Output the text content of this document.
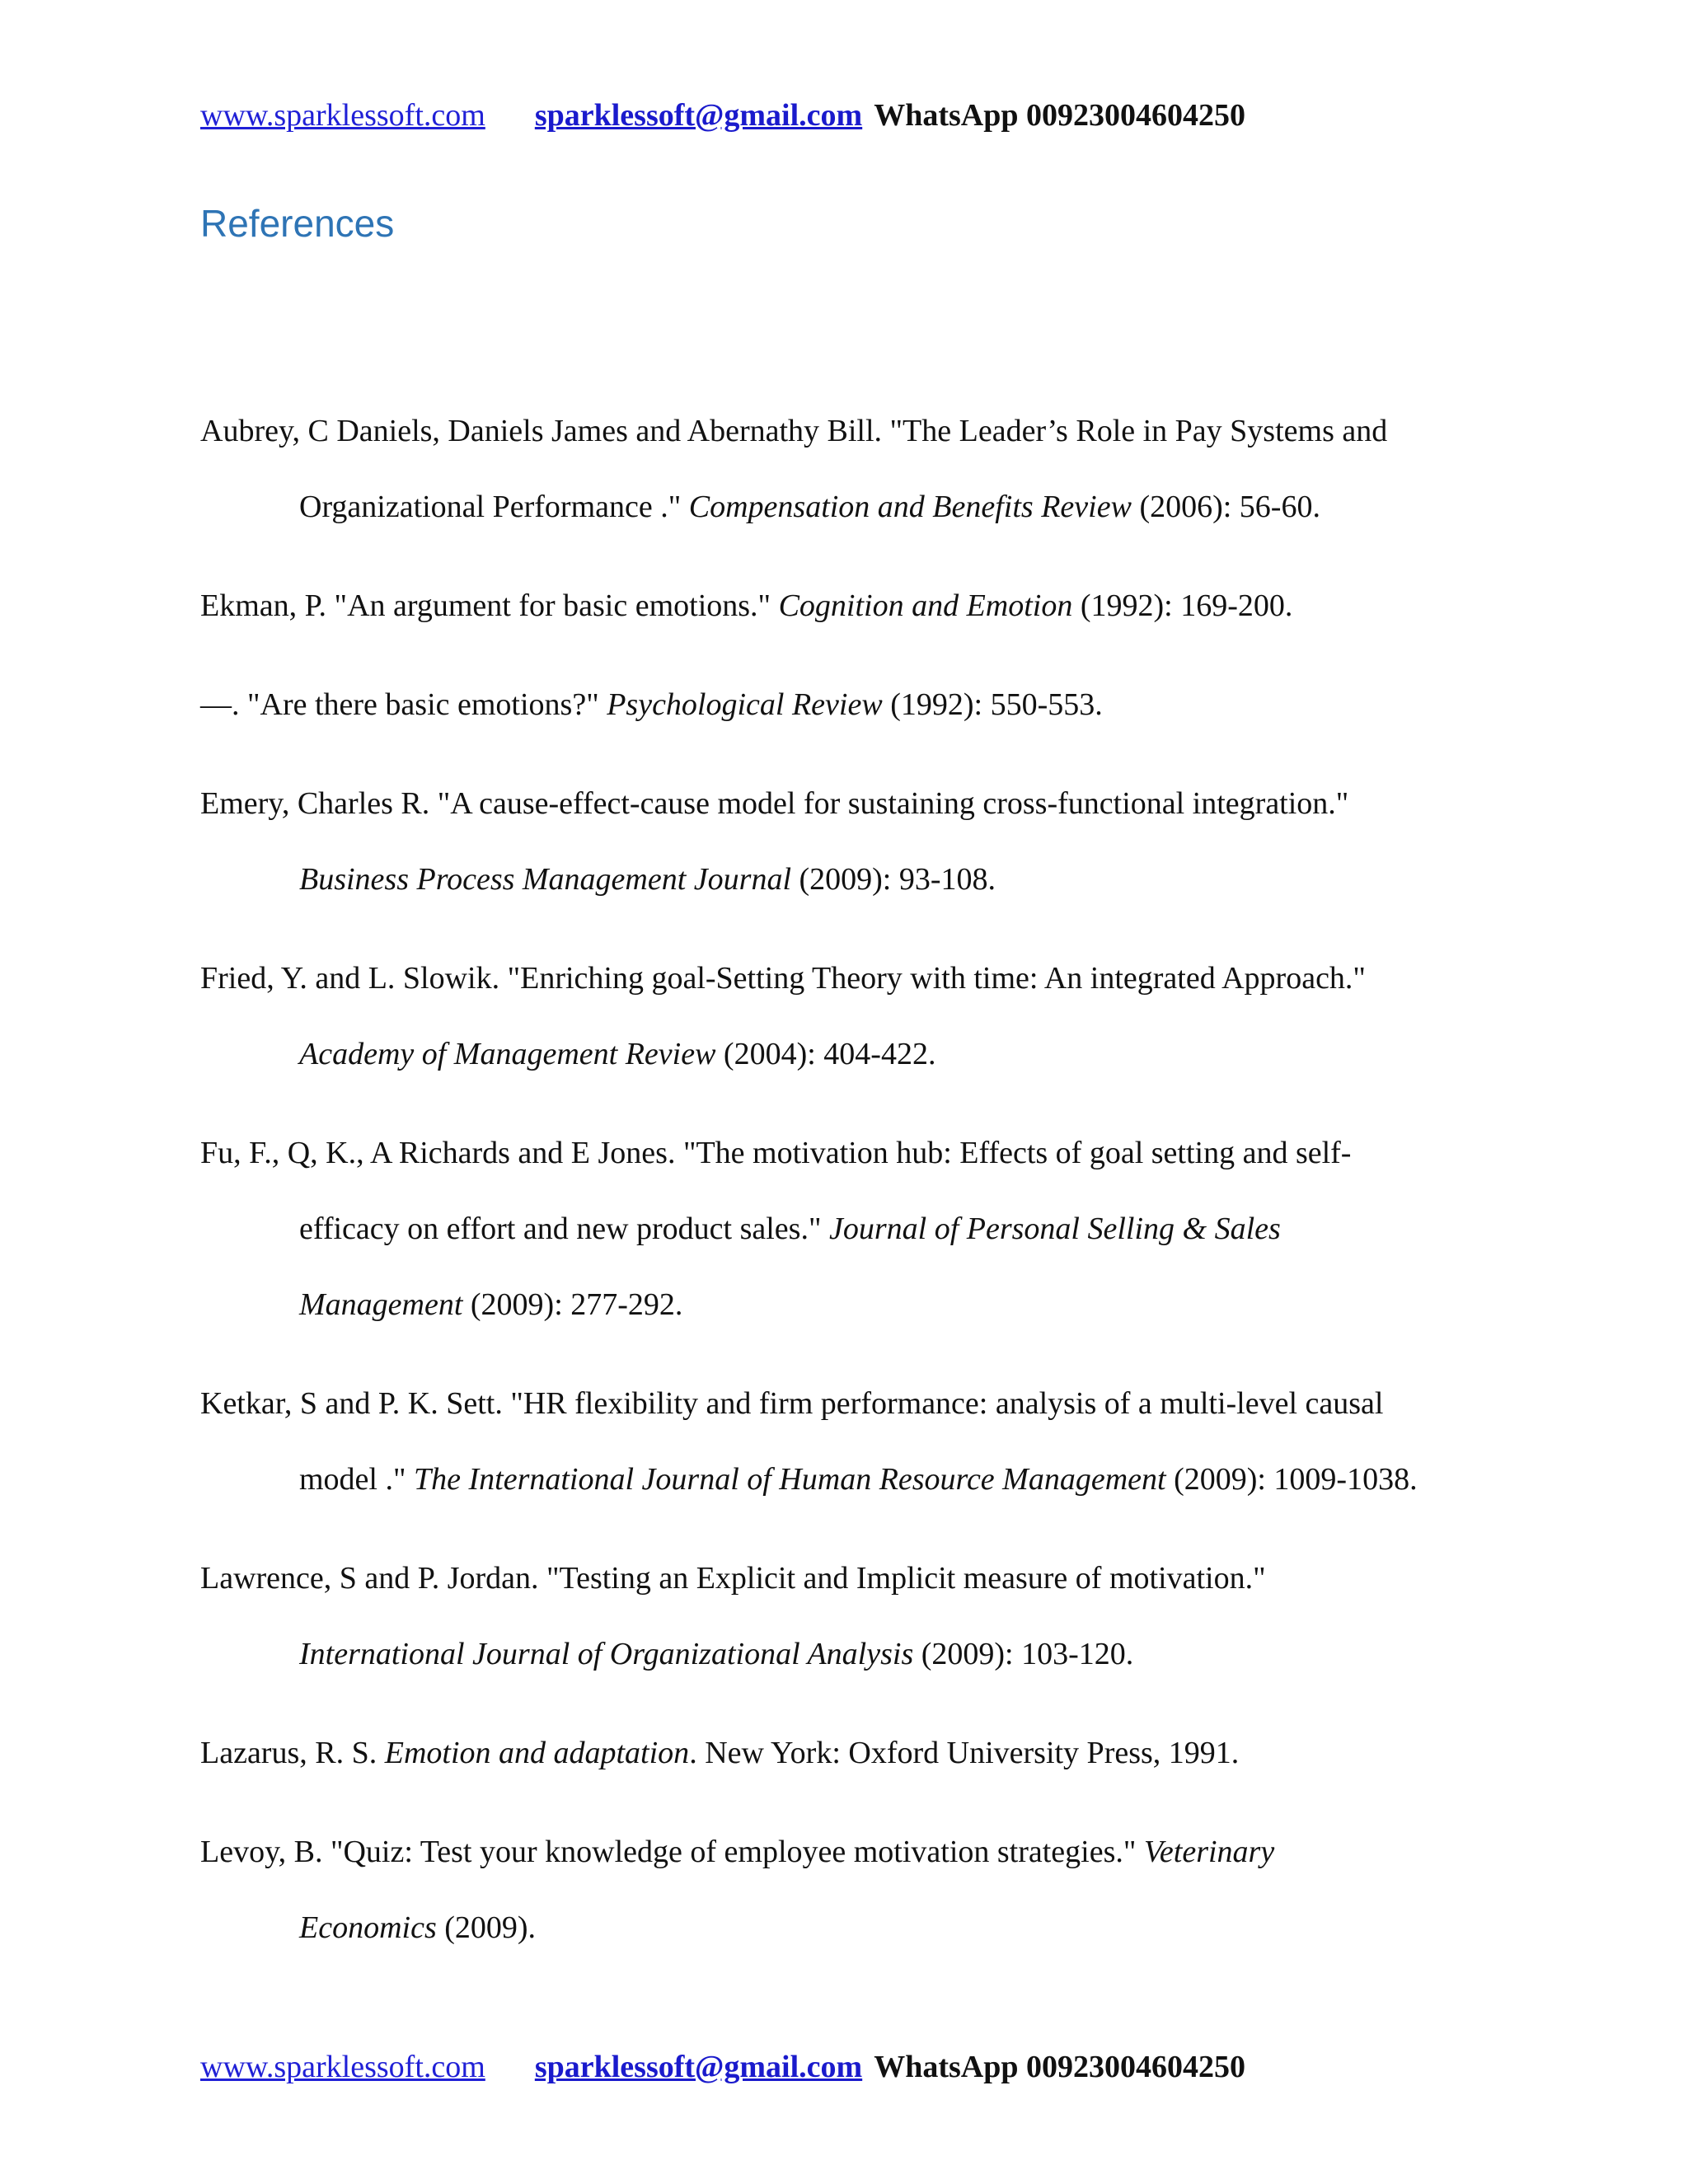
www.sparklessoft.com sparklessoft@gmail.com WhatsApp 00923004604250
References
Aubrey, C Daniels, Daniels James and Abernathy Bill. "The Leader’s Role in Pay Systems and
Organizational Performance ." Compensation and Benefits Review (2006): 56-60.
Ekman, P. "An argument for basic emotions." Cognition and Emotion (1992): 169-200.
—. "Are there basic emotions?" Psychological Review (1992): 550-553.
Emery, Charles R. "A cause-effect-cause model for sustaining cross-functional integration."
Business Process Management Journal (2009): 93-108.
Fried, Y. and L. Slowik. "Enriching goal-Setting Theory with time: An integrated Approach."
Academy of Management Review (2004): 404-422.
Fu, F., Q, K., A Richards and E Jones. "The motivation hub: Effects of goal setting and self-
efficacy on effort and new product sales." Journal of Personal Selling & Sales
Management (2009): 277-292.
Ketkar, S and P. K. Sett. "HR flexibility and firm performance: analysis of a multi-level causal
model ." The International Journal of Human Resource Management (2009): 1009-1038.
Lawrence, S and P. Jordan. "Testing an Explicit and Implicit measure of motivation."
International Journal of Organizational Analysis (2009): 103-120.
Lazarus, R. S. Emotion and adaptation. New York: Oxford University Press, 1991.
Levoy, B. "Quiz: Test your knowledge of employee motivation strategies." Veterinary
Economics (2009).
www.sparklessoft.com sparklessoft@gmail.com WhatsApp 00923004604250
